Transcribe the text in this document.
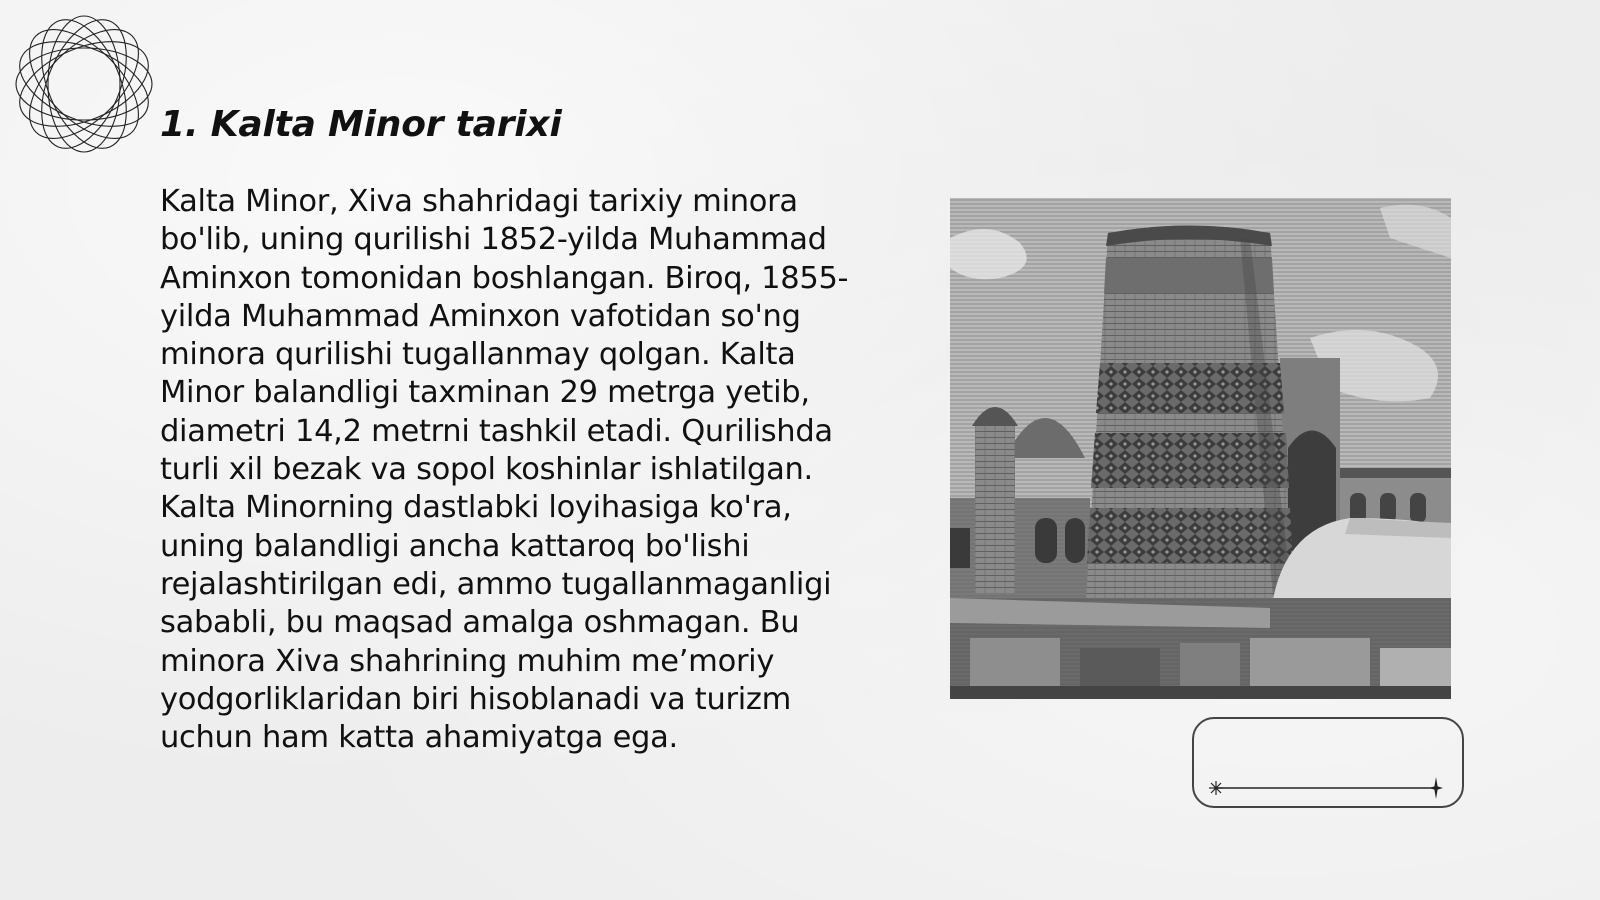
1. Kalta Minor tarixi

Kalta Minor, Xiva shahridagi tarixiy minora bo'lib, uning qurilishi 1852-yilda Muhammad Aminxon tomonidan boshlangan. Biroq, 1855-yilda Muhammad Aminxon vafotidan so'ng minora qurilishi tugallanmay qolgan. Kalta Minor balandligi taxminan 29 metrga yetib, diametri 14,2 metrni tashkil etadi. Qurilishda turli xil bezak va sopol koshinlar ishlatilgan. Kalta Minorning dastlabki loyihasiga ko'ra, uning balandligi ancha kattaroq bo'lishi rejalashtirilgan edi, ammo tugallanmaganligi sababli, bu maqsad amalga oshmagan. Bu minora Xiva shahrining muhim me’moriy yodgorliklaridan biri hisoblanadi va turizm uchun ham katta ahamiyatga ega.
